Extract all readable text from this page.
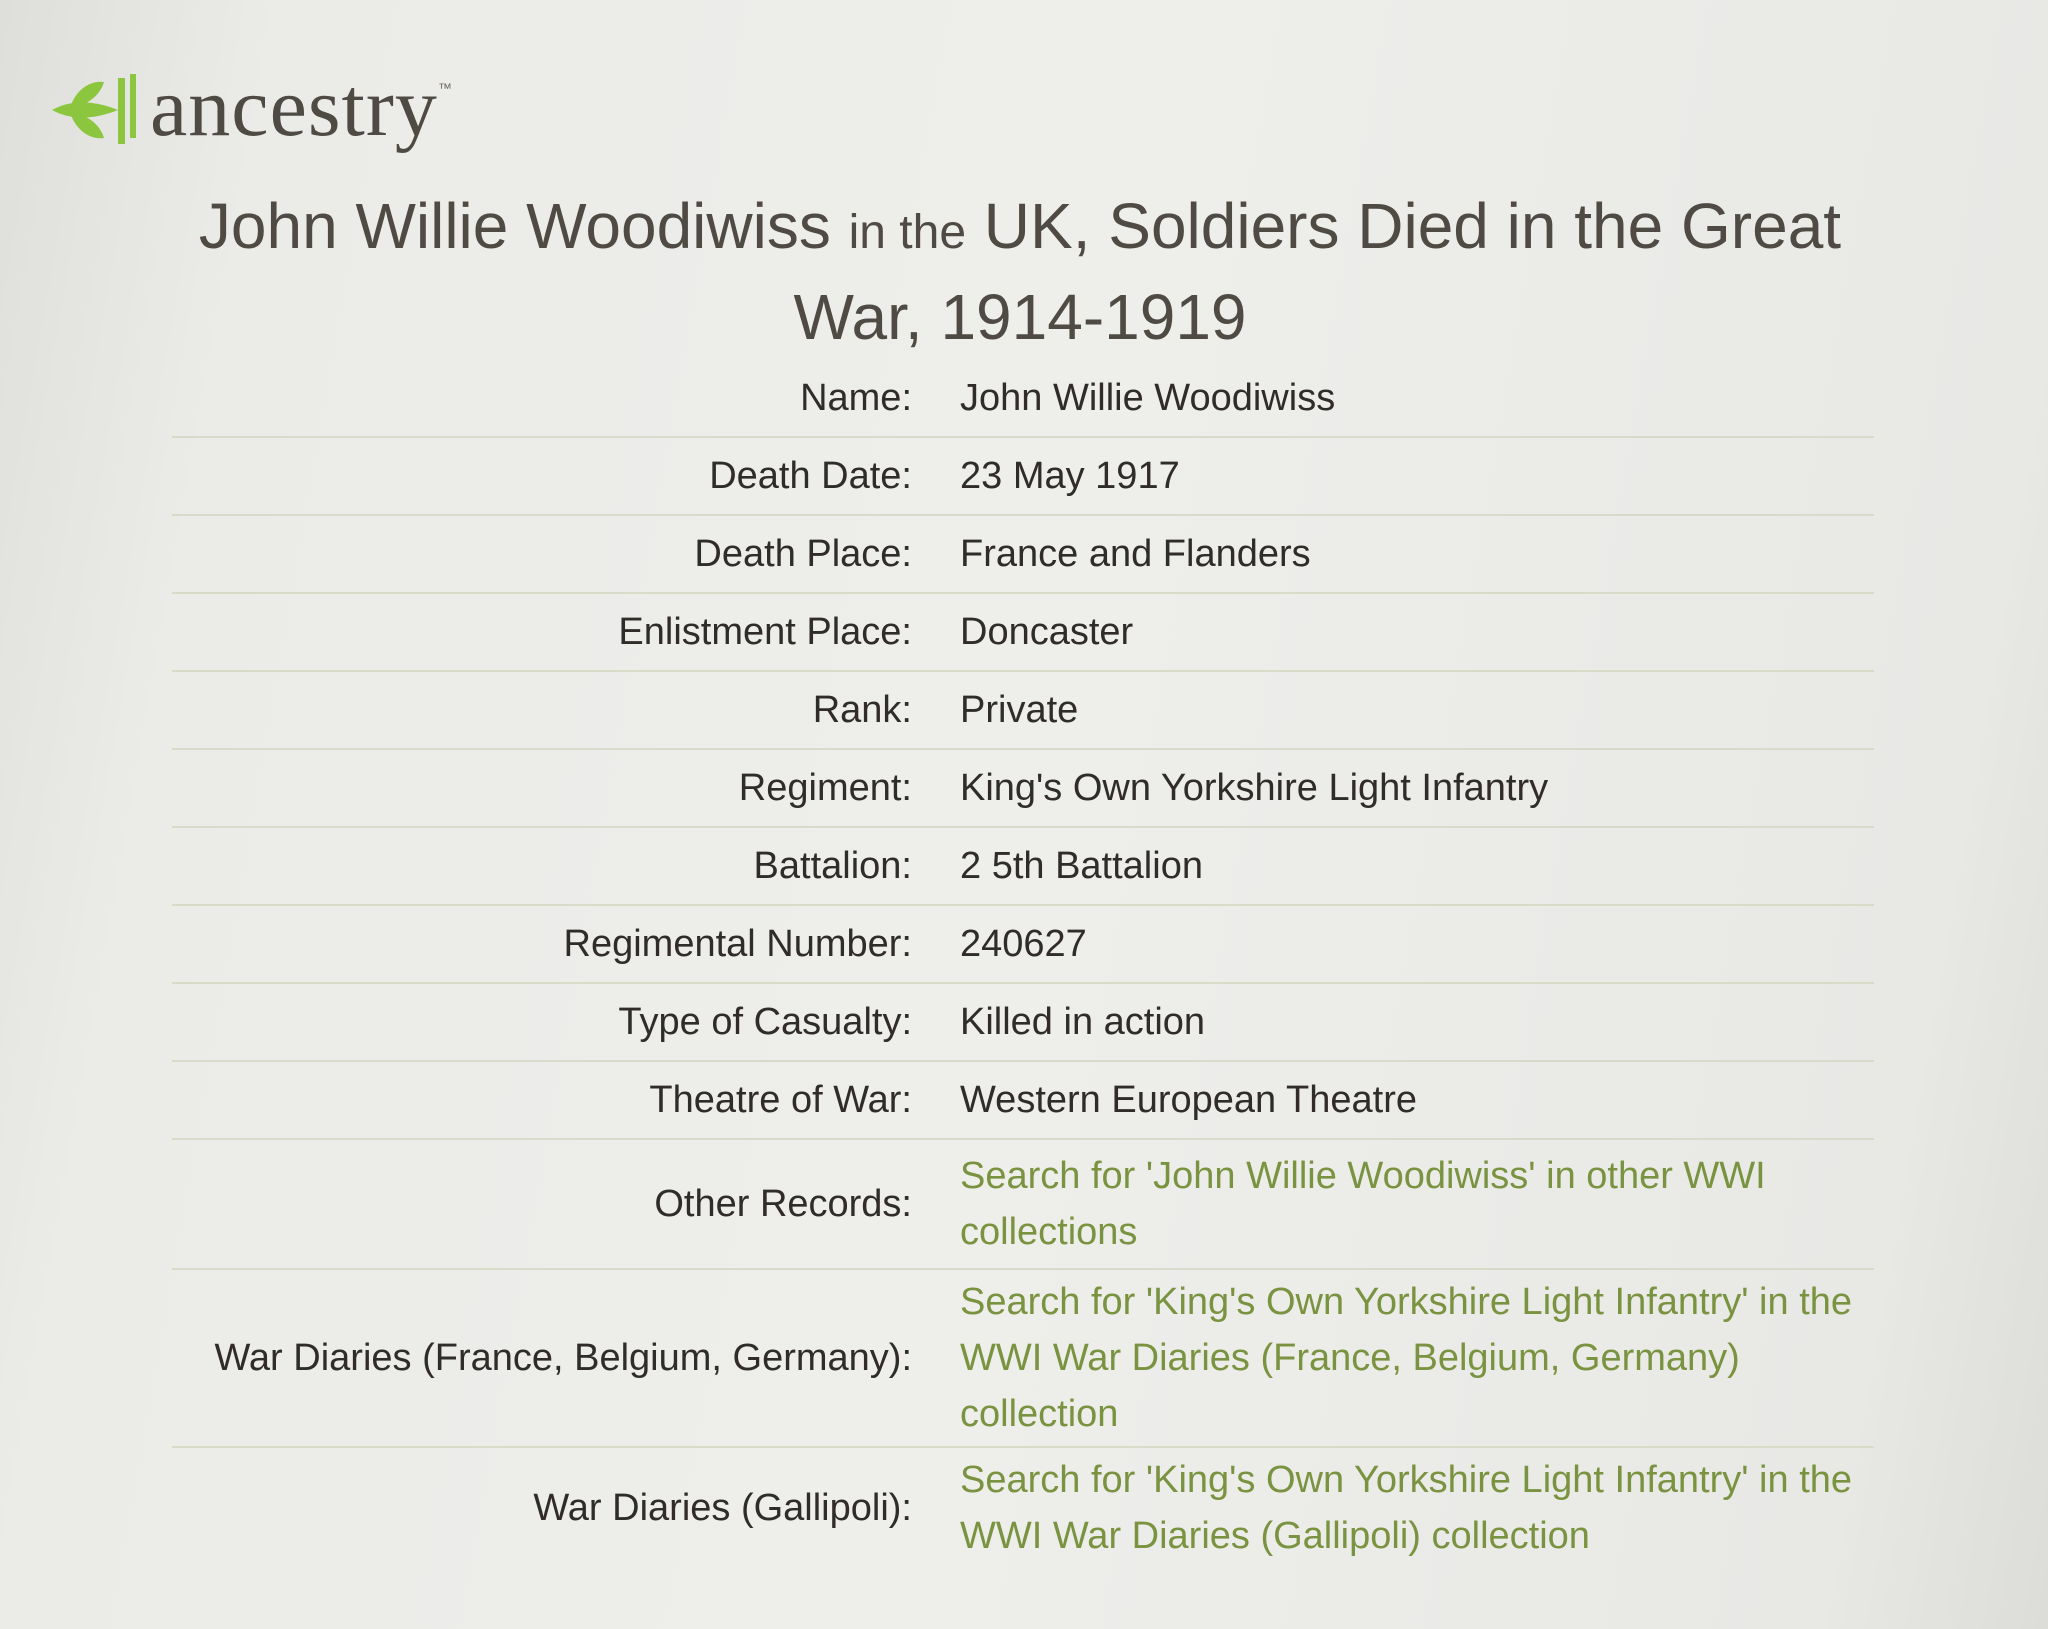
ancestry ™
John Willie Woodiwiss in the UK, Soldiers Died in the Great War, 1914-1919
Name:	John Willie Woodiwiss
Death Date:	23 May 1917
Death Place:	France and Flanders
Enlistment Place:	Doncaster
Rank:	Private
Regiment:	King's Own Yorkshire Light Infantry
Battalion:	2 5th Battalion
Regimental Number:	240627
Type of Casualty:	Killed in action
Theatre of War:	Western European Theatre
Other Records:	Search for 'John Willie Woodiwiss' in other WWI collections
War Diaries (France, Belgium, Germany):	Search for 'King's Own Yorkshire Light Infantry' in the WWI War Diaries (France, Belgium, Germany) collection
War Diaries (Gallipoli):	Search for 'King's Own Yorkshire Light Infantry' in the WWI War Diaries (Gallipoli) collection
